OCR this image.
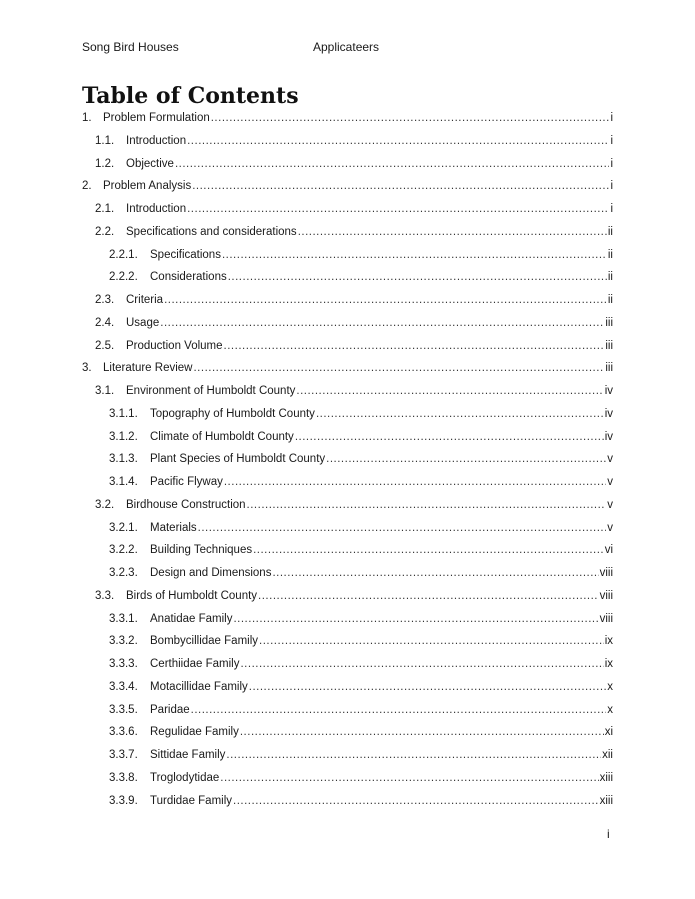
Song Bird Houses	Applicateers
Table of Contents
1. Problem Formulation .....	i
1.1.	Introduction .....	i
1.2.	Objective .....	i
2. Problem Analysis .....	i
2.1.	Introduction .....	i
2.2.	Specifications and considerations .....	ii
2.2.1.	Specifications .....	ii
2.2.2.	Considerations .....	ii
2.3.	Criteria .....	ii
2.4.	Usage .....	iii
2.5.	Production Volume .....	iii
3. Literature Review .....	iii
3.1.	Environment of Humboldt County .....	iv
3.1.1.	Topography of Humboldt County .....	iv
3.1.2.	Climate of Humboldt County .....	iv
3.1.3.	Plant Species of Humboldt County .....	v
3.1.4.	Pacific Flyway .....	v
3.2.	Birdhouse Construction .....	v
3.2.1.	Materials .....	v
3.2.2.	Building Techniques .....	vi
3.2.3.	Design and Dimensions .....	viii
3.3.	Birds of Humboldt County .....	viii
3.3.1.	Anatidae Family .....	viii
3.3.2.	Bombycillidae Family .....	ix
3.3.3.	Certhiidae Family .....	ix
3.3.4.	Motacillidae Family .....	x
3.3.5.	Paridae .....	x
3.3.6.	Regulidae Family .....	xi
3.3.7.	Sittidae Family .....	xii
3.3.8.	Troglodytidae .....	xiii
3.3.9.	Turdidae Family .....	xiii
i
